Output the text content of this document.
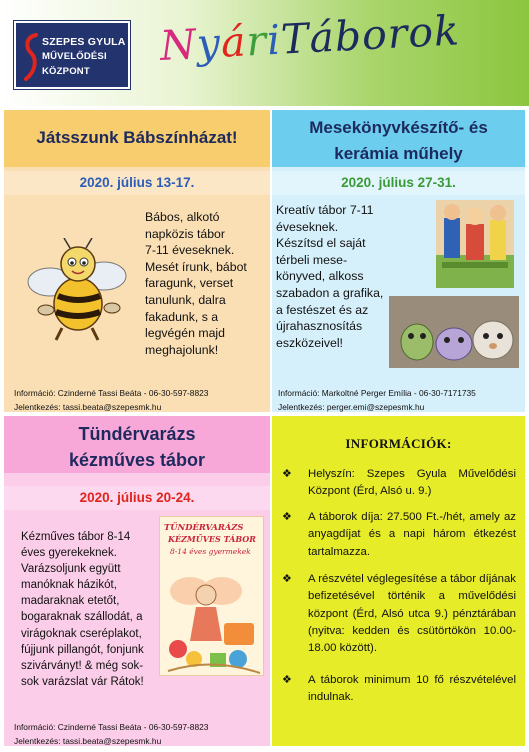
SZEPES GYULA
MŰVELŐDÉSI
KÖZPONT
NyáriTáborok
Játsszunk Bábszínházat!
2020. július 13-17.
Bábos, alkotó
napközis tábor
7-11 éveseknek.
Mesét írunk, bábot
faragunk, verset
tanulunk, dalra
fakadunk, s a
legvégén majd
meghajolunk!
Információ: Czinderné Tassi Beáta - 06-30-597-8823
Jelentkezés: tassi.beata@szepesmk.hu
Mesekönyvkészítő- és
kerámia műhely
2020. július 27-31.
Kreatív tábor 7-11
éveseknek.
Készítsd el saját
térbeli mese-
könyved, alkoss
szabadon a grafika,
a festészet és az
újrahasznosítás
eszközeivel!
Információ: Markoltné Perger Emília - 06-30-7171735
Jelentkezés: perger.emi@szepesmk.hu
Tündérvarázs
kézműves tábor
2020. július 20-24.
Kézműves tábor 8-14
éves gyerekeknek.
Varázsoljunk együtt
manóknak házikót,
madaraknak etetőt,
bogaraknak szállodát, a
virágoknak cseréplakot,
fújjunk pillangót, fonjunk
szivárványt! & még sok-
sok varázslat vár Rátok!
TÜNDÉRVARÁZS
KÉZMŰVES TÁBOR
8-14 éves gyermekek
Információ: Czinderné Tassi Beáta - 06-30-597-8823
Jelentkezés: tassi.beata@szepesmk.hu
INFORMÁCIÓK:
❖	Helyszín: Szepes Gyula Művelődési Központ (Érd, Alsó u. 9.)
❖	A táborok díja: 27.500 Ft.-/hét, amely az anyagdíjat és a napi három étkezést tartalmazza.
❖	A részvétel véglegesítése a tábor díjának befizetésével történik a művelődési központ (Érd, Alsó utca 9.) pénztárában (nyitva: kedden és csütörtökön 10.00-18.00 között).
❖	A táborok minimum 10 fő részvételével indulnak.
